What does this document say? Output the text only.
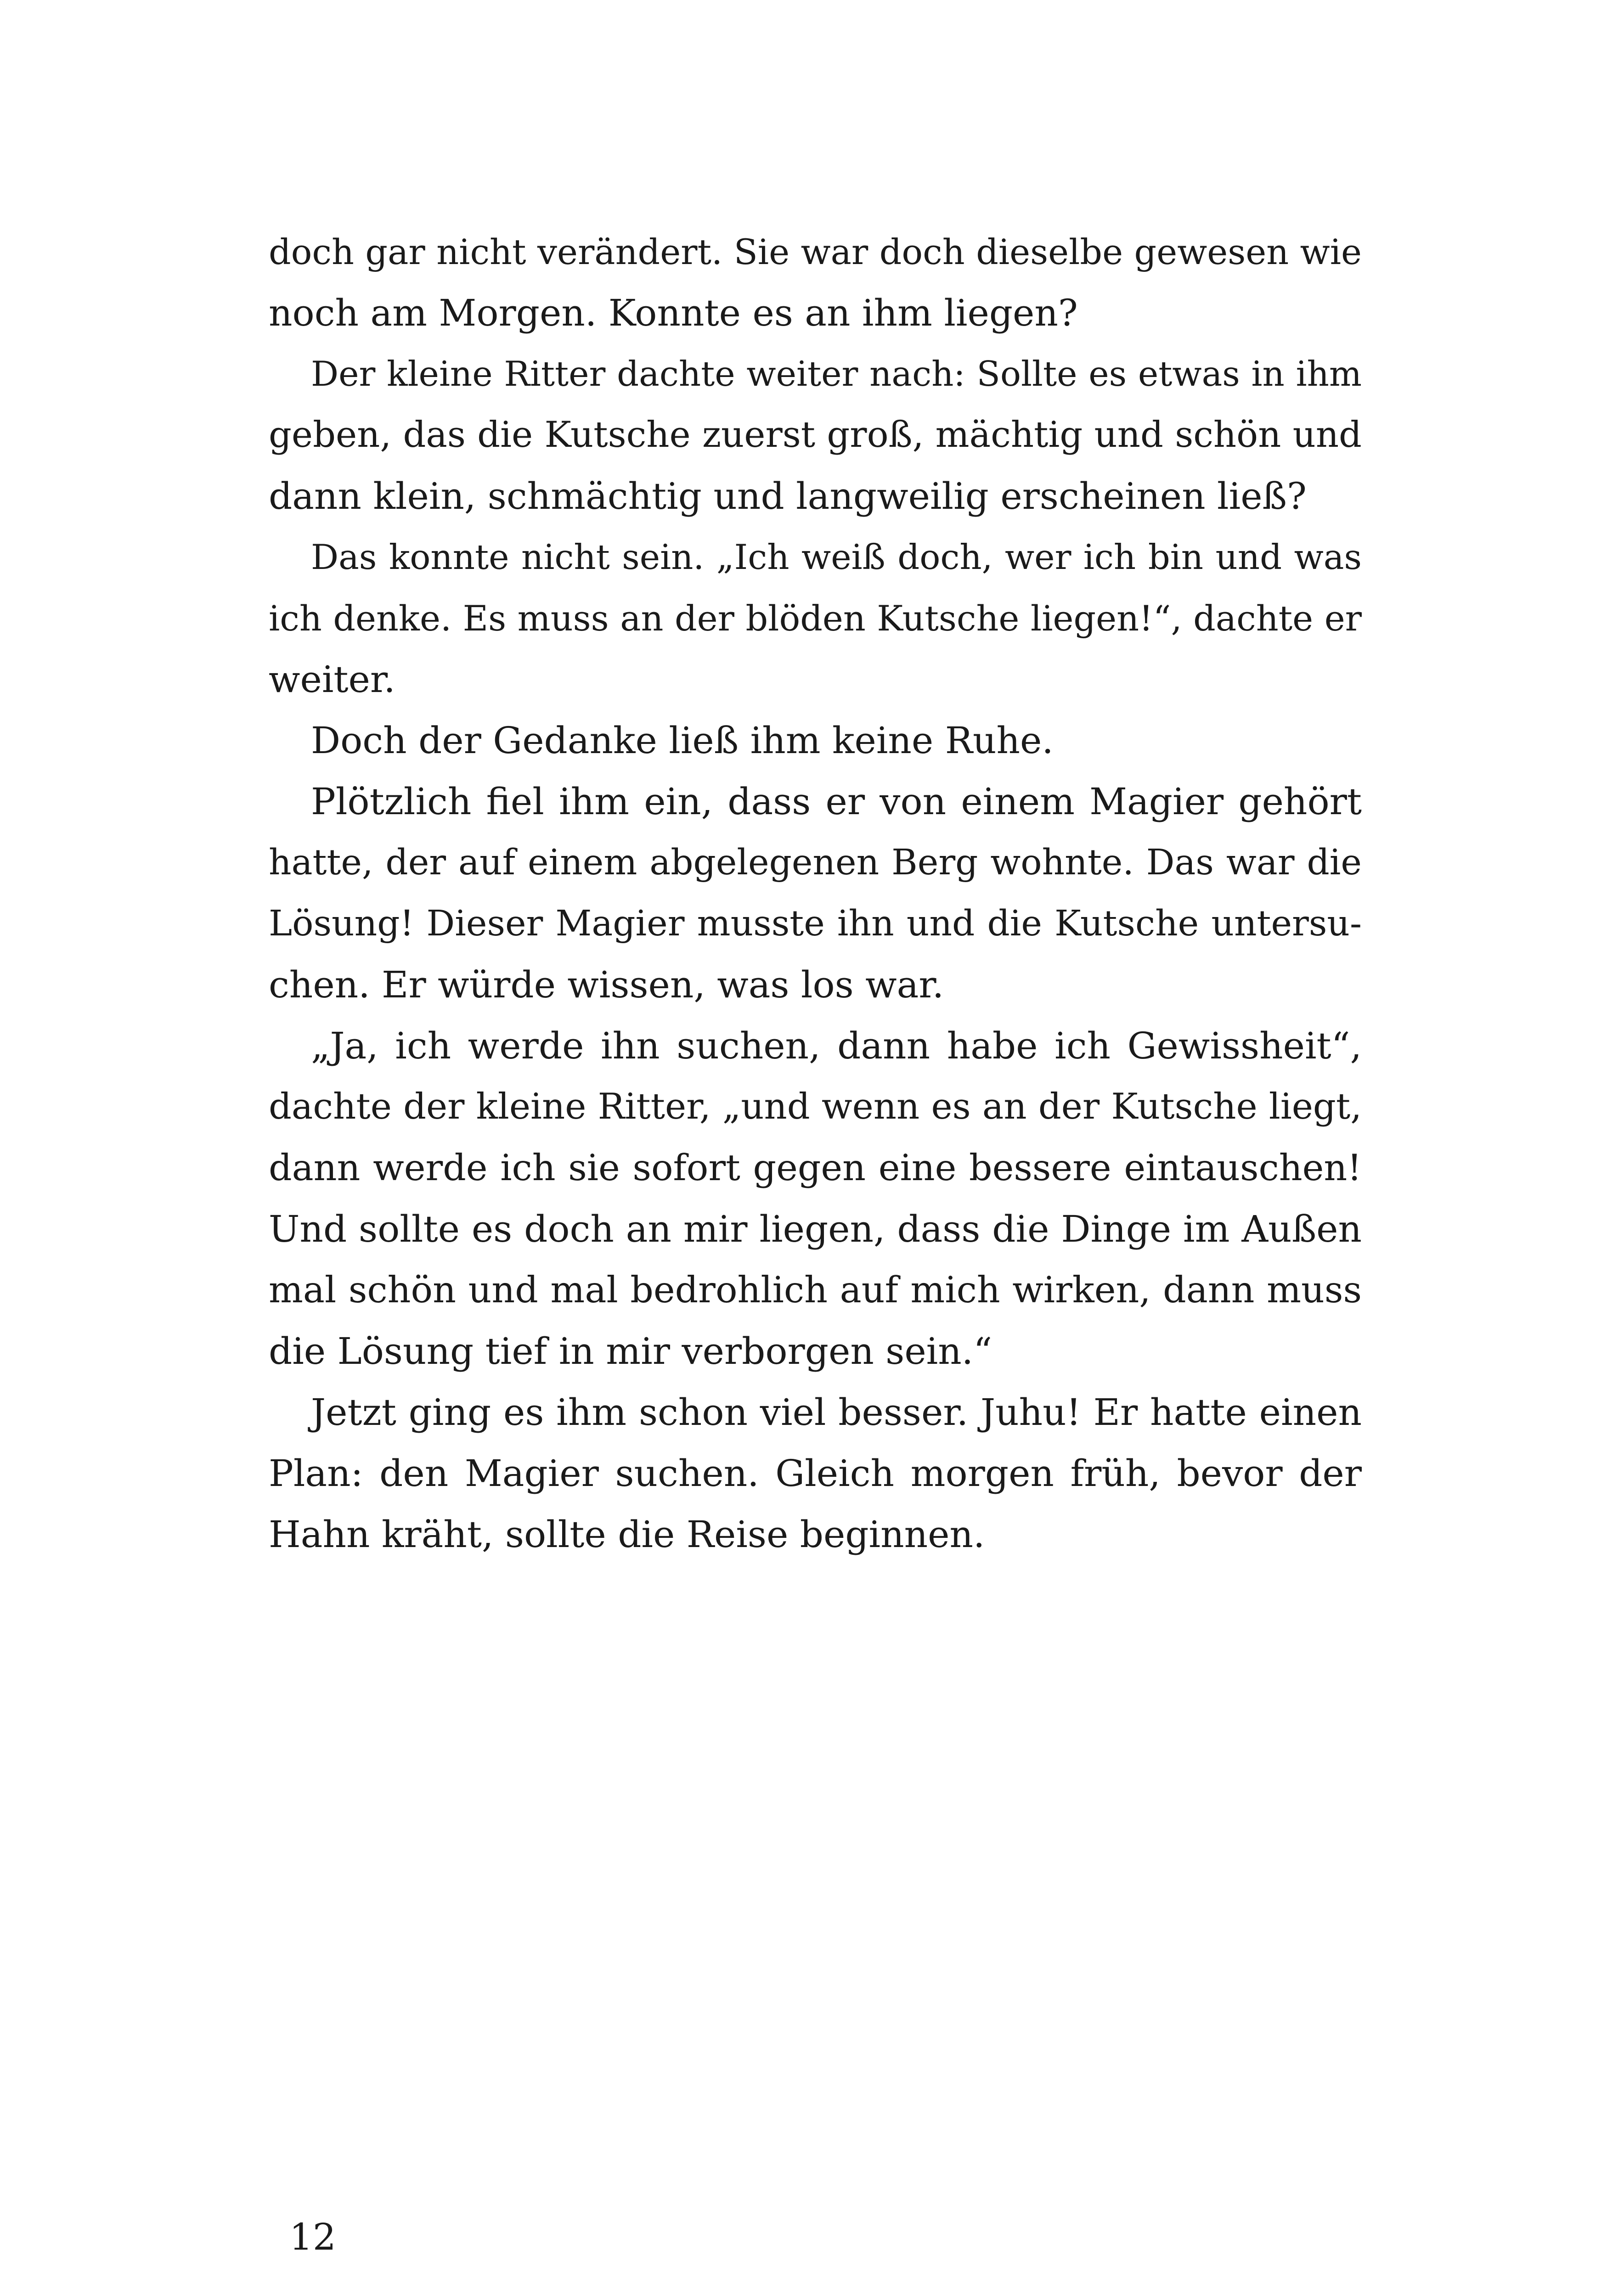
doch gar nicht verändert. Sie war doch dieselbe gewesen wie
noch am Morgen. Konnte es an ihm liegen?
Der kleine Ritter dachte weiter nach: Sollte es etwas in ihm
geben, das die Kutsche zuerst groß, mächtig und schön und
dann klein, schmächtig und langweilig erscheinen ließ?
Das konnte nicht sein. „Ich weiß doch, wer ich bin und was
ich denke. Es muss an der blöden Kutsche liegen!“, dachte er
weiter.
Doch der Gedanke ließ ihm keine Ruhe.
Plötzlich fiel ihm ein, dass er von einem Magier gehört
hatte, der auf einem abgelegenen Berg wohnte. Das war die
Lösung! Dieser Magier musste ihn und die Kutsche untersu-
chen. Er würde wissen, was los war.
„Ja, ich werde ihn suchen, dann habe ich Gewissheit“,
dachte der kleine Ritter, „und wenn es an der Kutsche liegt,
dann werde ich sie sofort gegen eine bessere eintauschen!
Und sollte es doch an mir liegen, dass die Dinge im Außen
mal schön und mal bedrohlich auf mich wirken, dann muss
die Lösung tief in mir verborgen sein.“
Jetzt ging es ihm schon viel besser. Juhu! Er hatte einen
Plan: den Magier suchen. Gleich morgen früh, bevor der
Hahn kräht, sollte die Reise beginnen.
12
